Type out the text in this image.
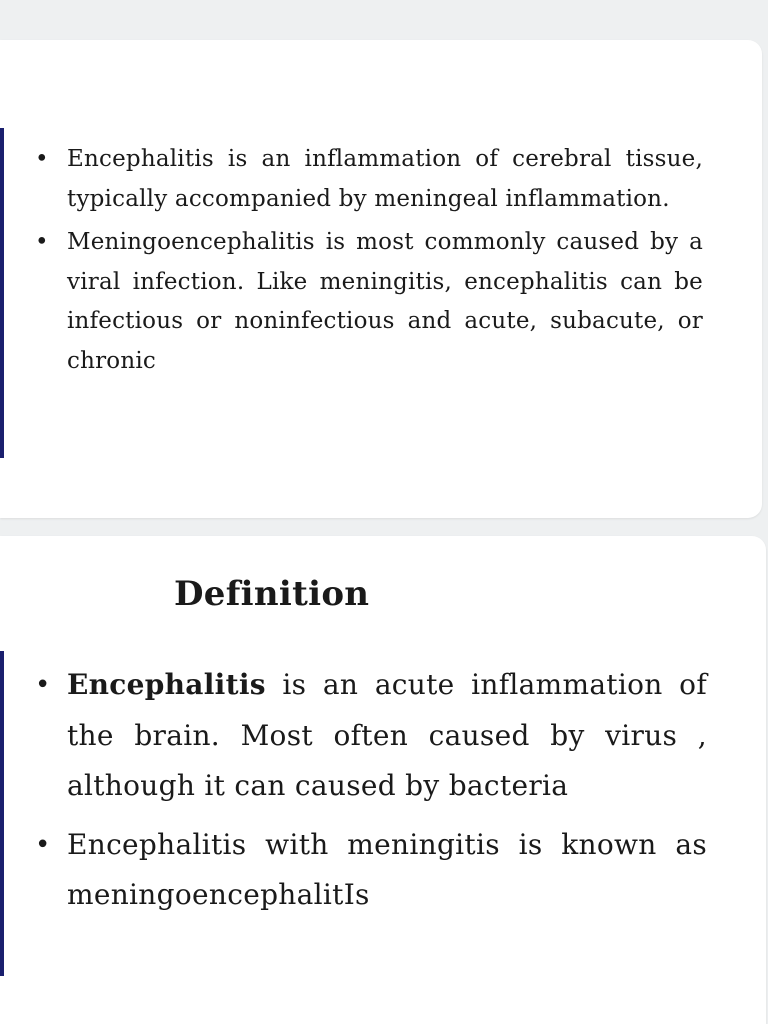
• Encephalitis is an inflammation of cerebral tissue, typically accompanied by meningeal inflammation.
• Meningoencephalitis is most commonly caused by a viral infection. Like meningitis, encephalitis can be infectious or noninfectious and acute, subacute, or chronic
Definition
• Encephalitis is an acute inflammation of the brain. Most often caused by virus , although it can caused by bacteria
• Encephalitis with meningitis is known as meningoencephalitIs
